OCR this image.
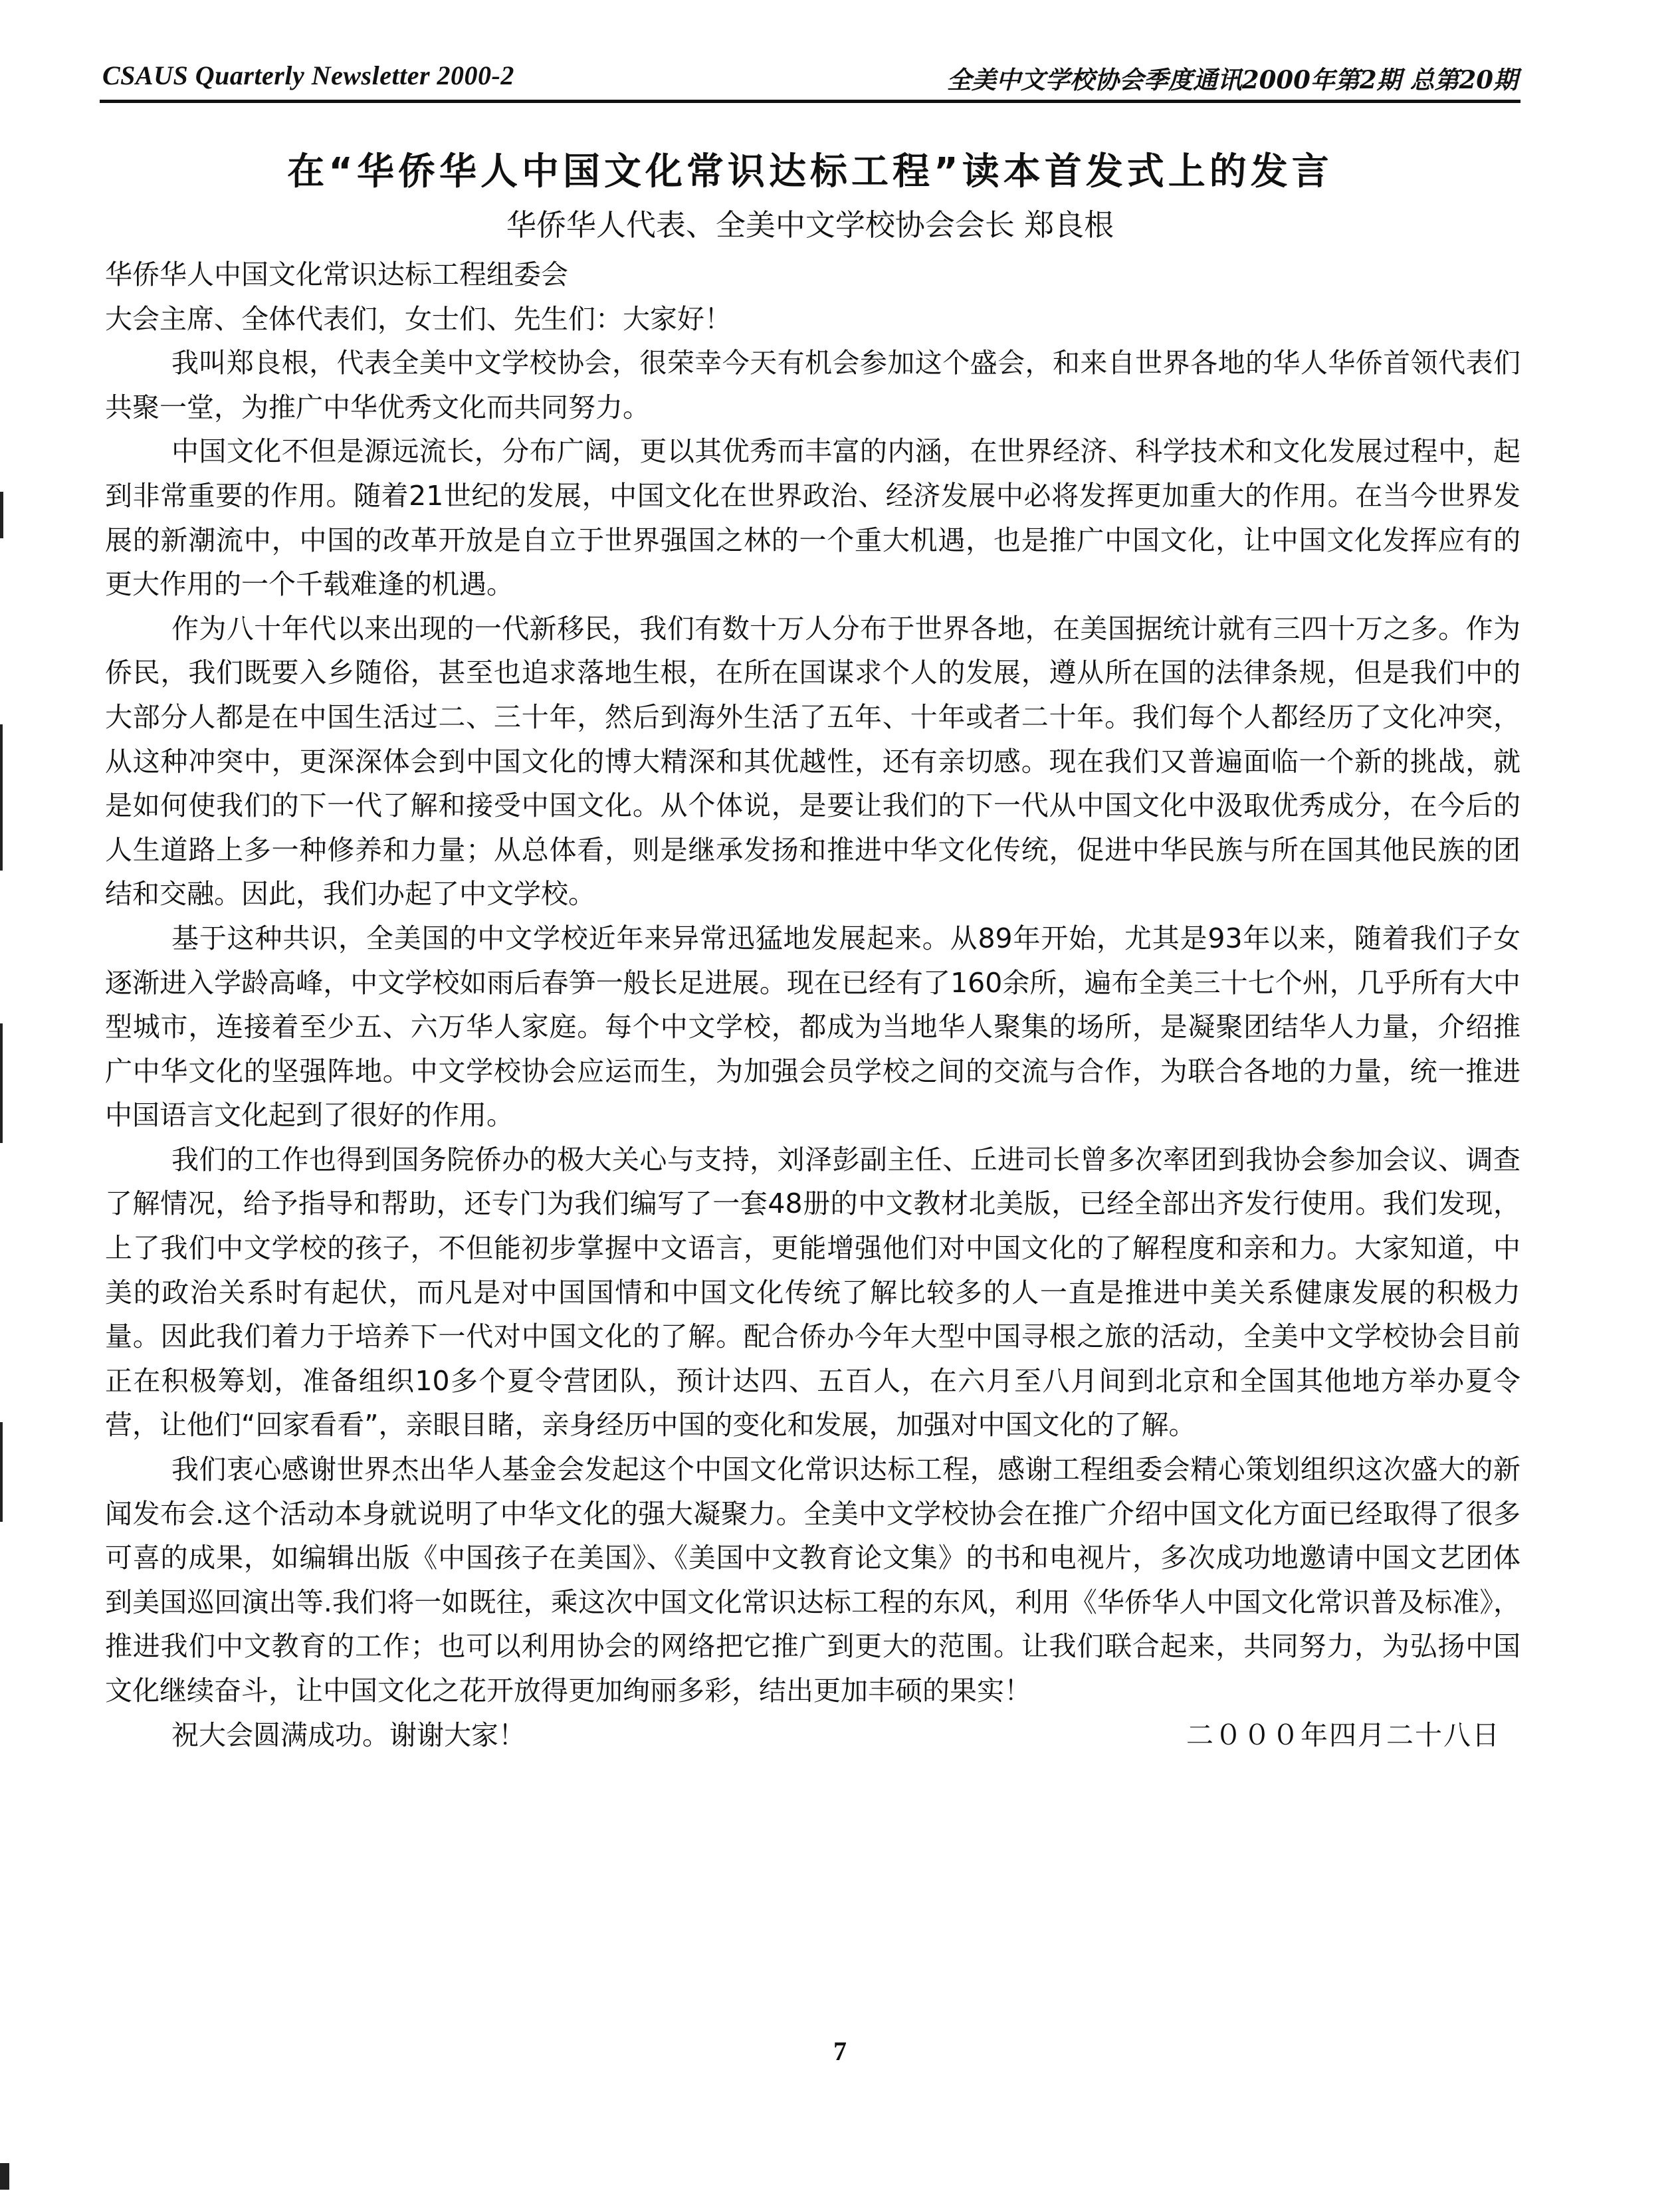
CSAUS Quarterly Newsletter 2000-2	全美中文学校协会季度通讯2000年第2期 总第20期
在“华侨华人中国文化常识达标工程”读本首发式上的发言
华侨华人代表、全美中文学校协会会长 郑良根

华侨华人中国文化常识达标工程组委会

大会主席、全体代表们，女士们、先生们：大家好！

我叫郑良根，代表全美中文学校协会，很荣幸今天有机会参加这个盛会，和来自世界各地的华人华侨首领代表们共聚一堂，为推广中华优秀文化而共同努力。

中国文化不但是源远流长，分布广阔，更以其优秀而丰富的内涵，在世界经济、科学技术和文化发展过程中，起到非常重要的作用。随着21世纪的发展，中国文化在世界政治、经济发展中必将发挥更加重大的作用。在当今世界发展的新潮流中，中国的改革开放是自立于世界强国之林的一个重大机遇，也是推广中国文化，让中国文化发挥应有的更大作用的一个千载难逢的机遇。

作为八十年代以来出现的一代新移民，我们有数十万人分布于世界各地，在美国据统计就有三四十万之多。作为侨民，我们既要入乡随俗，甚至也追求落地生根，在所在国谋求个人的发展，遵从所在国的法律条规，但是我们中的大部分人都是在中国生活过二、三十年，然后到海外生活了五年、十年或者二十年。我们每个人都经历了文化冲突，从这种冲突中，更深深体会到中国文化的博大精深和其优越性，还有亲切感。现在我们又普遍面临一个新的挑战，就是如何使我们的下一代了解和接受中国文化。从个体说，是要让我们的下一代从中国文化中汲取优秀成分，在今后的人生道路上多一种修养和力量；从总体看，则是继承发扬和推进中华文化传统，促进中华民族与所在国其他民族的团结和交融。因此，我们办起了中文学校。

基于这种共识，全美国的中文学校近年来异常迅猛地发展起来。从89年开始，尤其是93年以来，随着我们子女逐渐进入学龄高峰，中文学校如雨后春笋一般长足进展。现在已经有了160余所，遍布全美三十七个州，几乎所有大中型城市，连接着至少五、六万华人家庭。每个中文学校，都成为当地华人聚集的场所，是凝聚团结华人力量，介绍推广中华文化的坚强阵地。中文学校协会应运而生，为加强会员学校之间的交流与合作，为联合各地的力量，统一推进中国语言文化起到了很好的作用。

我们的工作也得到国务院侨办的极大关心与支持，刘泽彭副主任、丘进司长曾多次率团到我协会参加会议、调查了解情况，给予指导和帮助，还专门为我们编写了一套48册的中文教材北美版，已经全部出齐发行使用。我们发现，上了我们中文学校的孩子，不但能初步掌握中文语言，更能增强他们对中国文化的了解程度和亲和力。大家知道，中美的政治关系时有起伏，而凡是对中国国情和中国文化传统了解比较多的人一直是推进中美关系健康发展的积极力量。因此我们着力于培养下一代对中国文化的了解。配合侨办今年大型中国寻根之旅的活动，全美中文学校协会目前正在积极筹划，准备组织10多个夏令营团队，预计达四、五百人，在六月至八月间到北京和全国其他地方举办夏令营，让他们“回家看看”，亲眼目睹，亲身经历中国的变化和发展，加强对中国文化的了解。

我们衷心感谢世界杰出华人基金会发起这个中国文化常识达标工程，感谢工程组委会精心策划组织这次盛大的新闻发布会.这个活动本身就说明了中华文化的强大凝聚力。全美中文学校协会在推广介绍中国文化方面已经取得了很多可喜的成果，如编辑出版《中国孩子在美国》、《美国中文教育论文集》的书和电视片，多次成功地邀请中国文艺团体到美国巡回演出等.我们将一如既往，乘这次中国文化常识达标工程的东风，利用《华侨华人中国文化常识普及标准》，推进我们中文教育的工作；也可以利用协会的网络把它推广到更大的范围。让我们联合起来，共同努力，为弘扬中国文化继续奋斗，让中国文化之花开放得更加绚丽多彩，结出更加丰硕的果实！

祝大会圆满成功。谢谢大家！	二０００年四月二十八日

7
